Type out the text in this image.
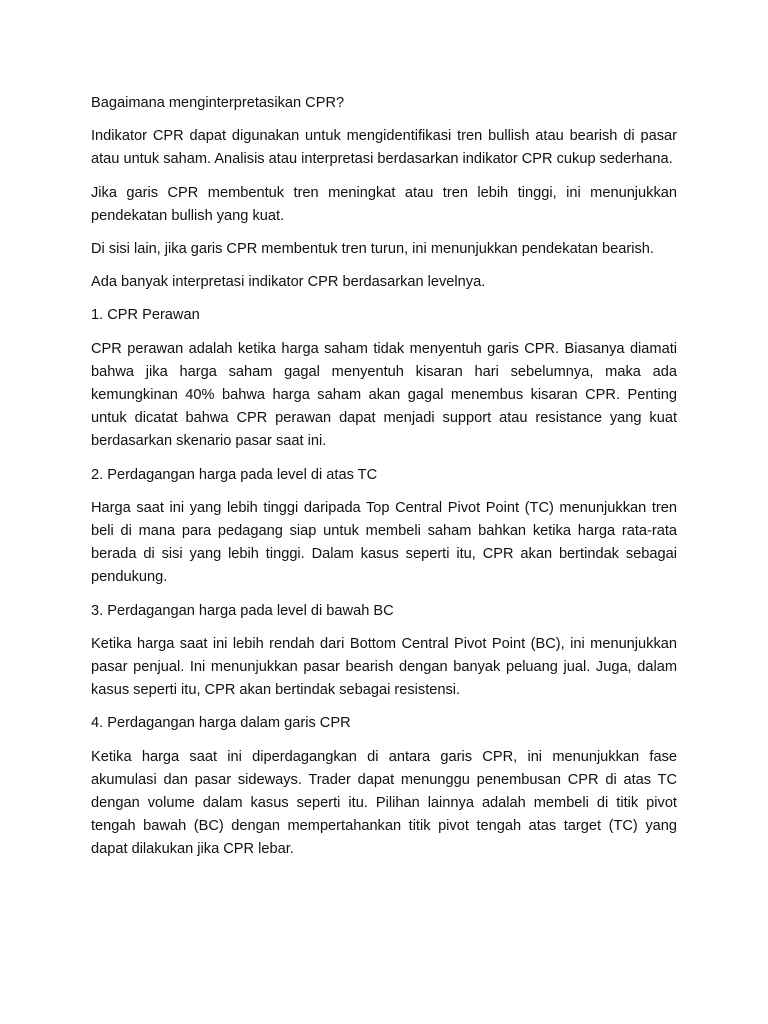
Bagaimana menginterpretasikan CPR?

Indikator CPR dapat digunakan untuk mengidentifikasi tren bullish atau bearish di pasar atau untuk saham. Analisis atau interpretasi berdasarkan indikator CPR cukup sederhana.

Jika garis CPR membentuk tren meningkat atau tren lebih tinggi, ini menunjukkan pendekatan bullish yang kuat.

Di sisi lain, jika garis CPR membentuk tren turun, ini menunjukkan pendekatan bearish.

Ada banyak interpretasi indikator CPR berdasarkan levelnya.

1. CPR Perawan

CPR perawan adalah ketika harga saham tidak menyentuh garis CPR. Biasanya diamati bahwa jika harga saham gagal menyentuh kisaran hari sebelumnya, maka ada kemungkinan 40% bahwa harga saham akan gagal menembus kisaran CPR. Penting untuk dicatat bahwa CPR perawan dapat menjadi support atau resistance yang kuat berdasarkan skenario pasar saat ini.

2. Perdagangan harga pada level di atas TC

Harga saat ini yang lebih tinggi daripada Top Central Pivot Point (TC) menunjukkan tren beli di mana para pedagang siap untuk membeli saham bahkan ketika harga rata-rata berada di sisi yang lebih tinggi. Dalam kasus seperti itu, CPR akan bertindak sebagai pendukung.

3. Perdagangan harga pada level di bawah BC

Ketika harga saat ini lebih rendah dari Bottom Central Pivot Point (BC), ini menunjukkan pasar penjual. Ini menunjukkan pasar bearish dengan banyak peluang jual. Juga, dalam kasus seperti itu, CPR akan bertindak sebagai resistensi.

4. Perdagangan harga dalam garis CPR

Ketika harga saat ini diperdagangkan di antara garis CPR, ini menunjukkan fase akumulasi dan pasar sideways. Trader dapat menunggu penembusan CPR di atas TC dengan volume dalam kasus seperti itu. Pilihan lainnya adalah membeli di titik pivot tengah bawah (BC) dengan mempertahankan titik pivot tengah atas target (TC) yang dapat dilakukan jika CPR lebar.
